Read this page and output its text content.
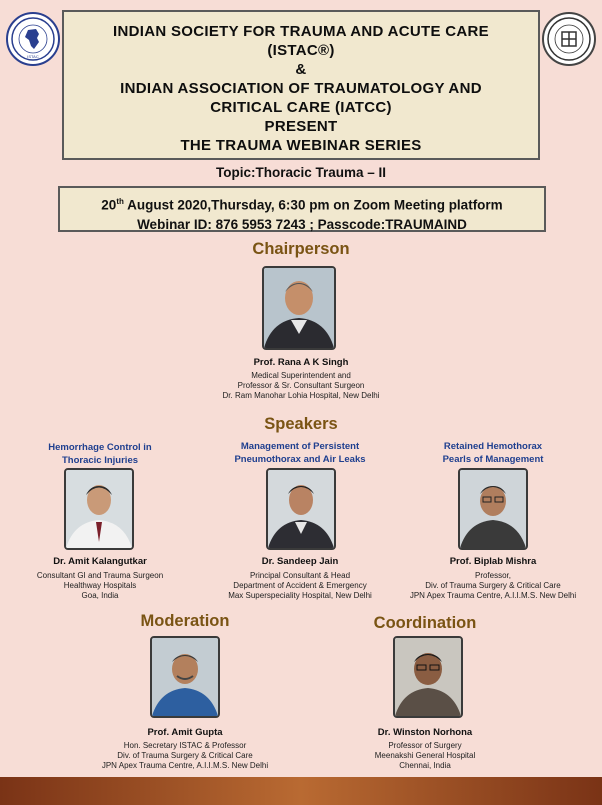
ISTAC
INDIAN SOCIETY FOR TRAUMA AND ACUTE CARE
(ISTAC®)
&
INDIAN ASSOCIATION OF TRAUMATOLOGY AND
CRITICAL CARE (IATCC)
PRESENT
THE TRAUMA WEBINAR SERIES
Topic:Thoracic Trauma – II
20th August 2020,Thursday, 6:30 pm on Zoom Meeting platform
Webinar ID: 876 5953 7243 ; Passcode:TRAUMAIND
Chairperson
Prof. Rana A K Singh
Medical Superintendent and
Professor & Sr. Consultant Surgeon
Dr. Ram Manohar Lohia Hospital, New Delhi
Speakers
Hemorrhage Control in
Thoracic Injuries
Dr. Amit Kalangutkar
Consultant GI and Trauma Surgeon
Healthway Hospitals
Goa, India
Management of Persistent
Pneumothorax and Air Leaks
Dr. Sandeep Jain
Principal Consultant & Head
Department of Accident & Emergency
Max Superspeciality Hospital, New Delhi
Retained Hemothorax
Pearls of Management
Prof. Biplab Mishra
Professor,
Div. of Trauma Surgery & Critical Care
JPN Apex Trauma Centre, A.I.I.M.S. New Delhi
Moderation
Prof. Amit Gupta
Hon. Secretary ISTAC & Professor
Div. of Trauma Surgery & Critical Care
JPN Apex Trauma Centre, A.I.I.M.S. New Delhi
Coordination
Dr. Winston Norhona
Professor of Surgery
Meenakshi General Hospital
Chennai, India
